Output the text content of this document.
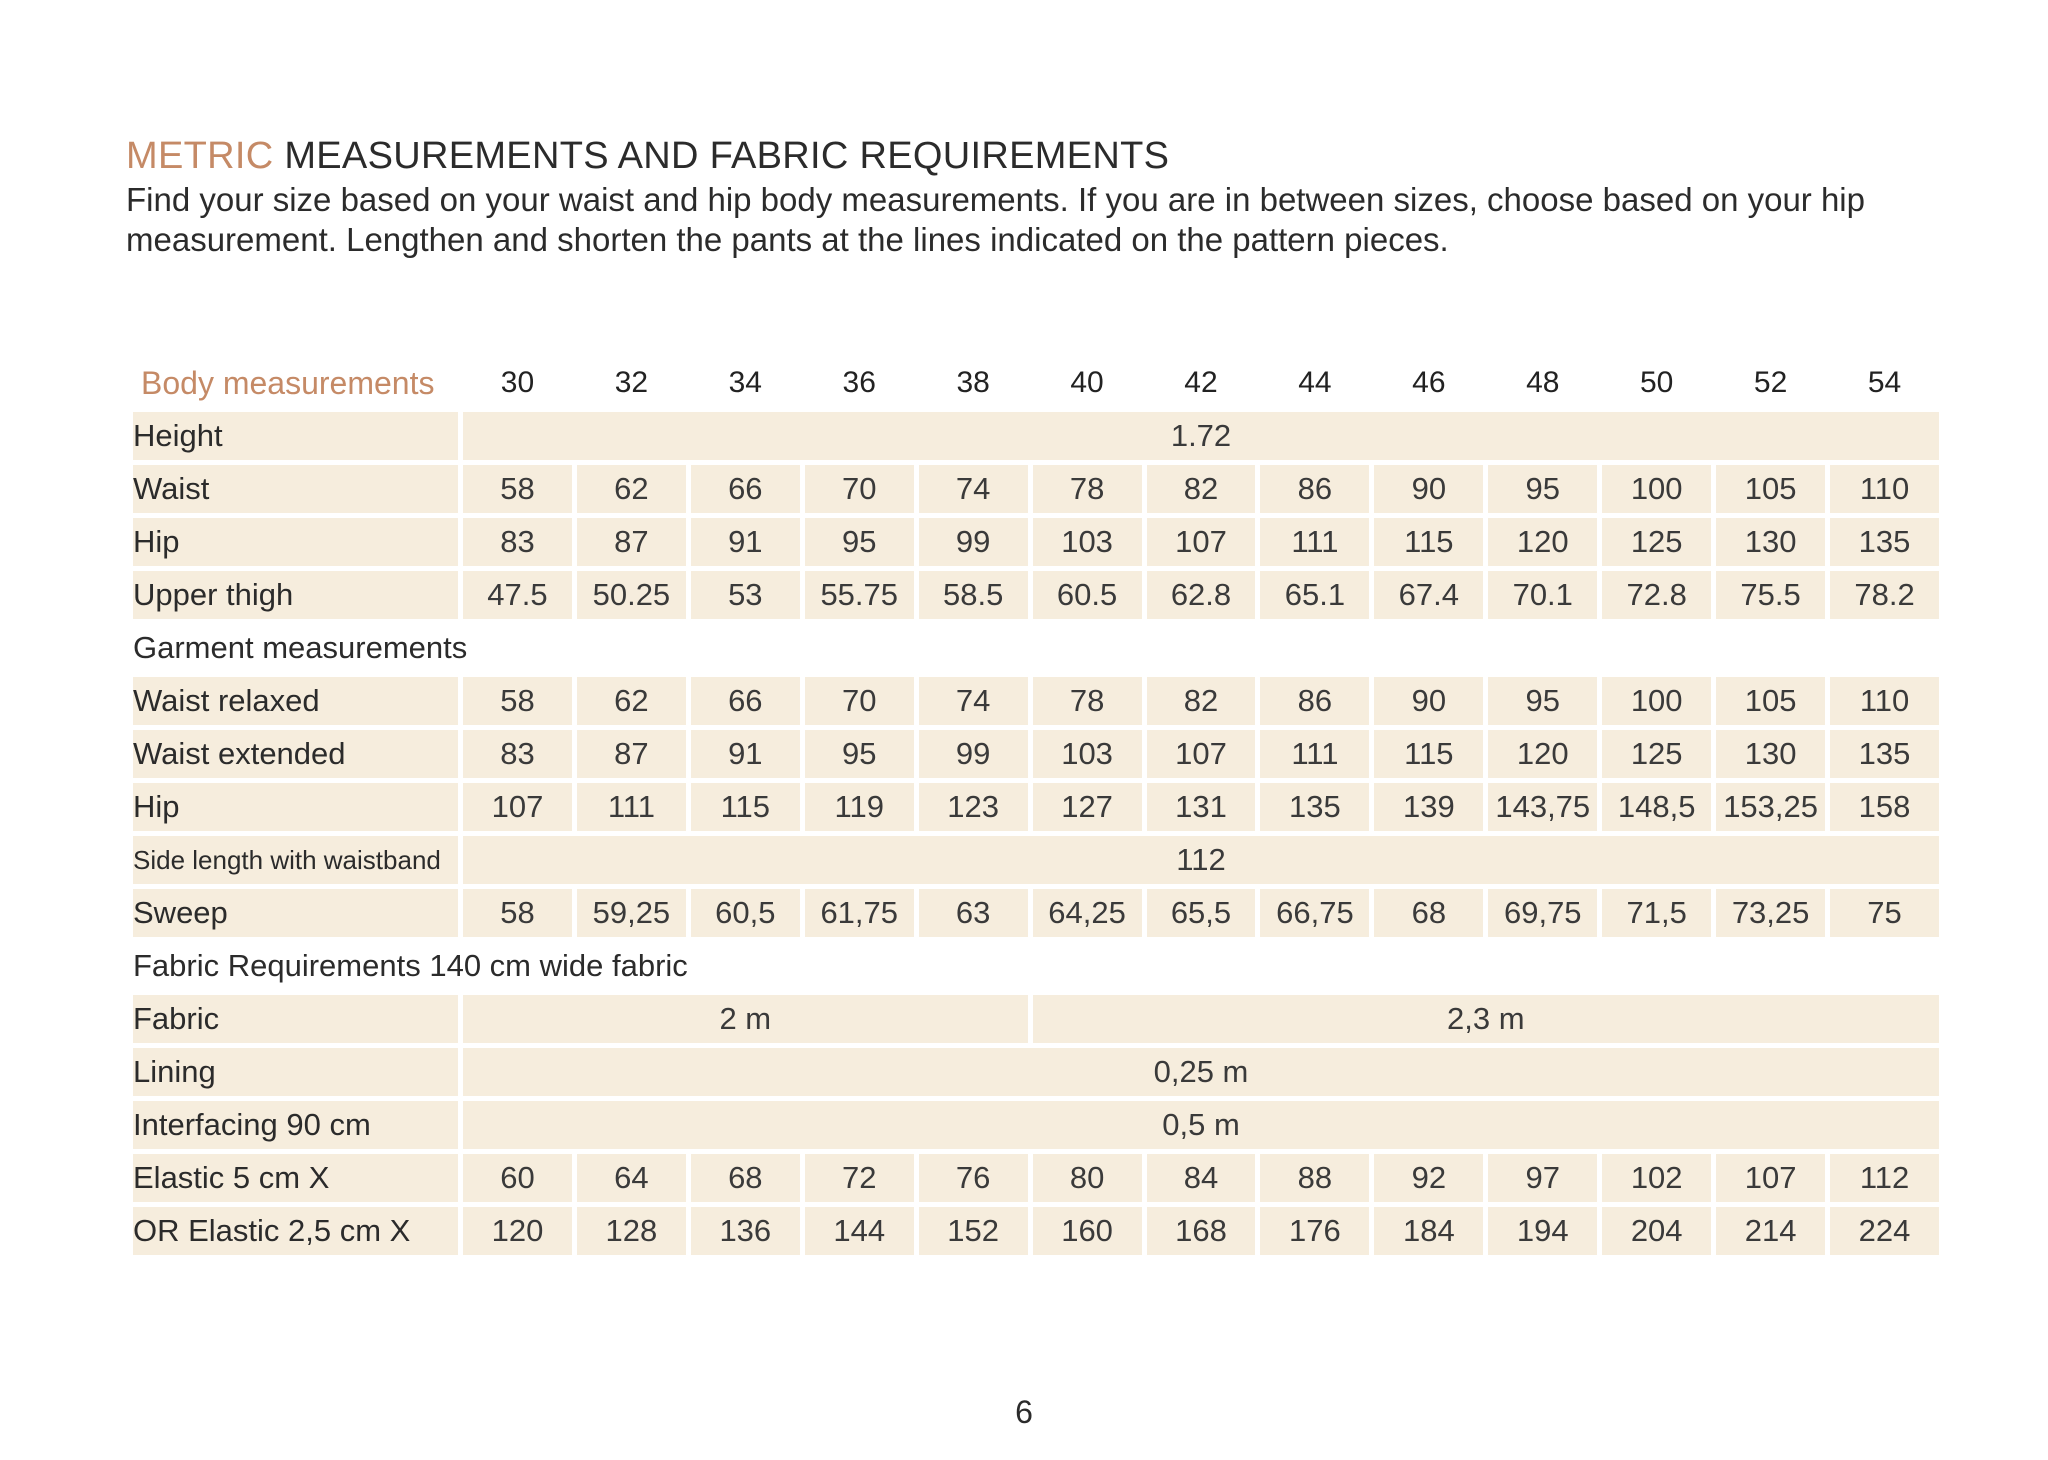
METRIC MEASUREMENTS AND FABRIC REQUIREMENTS

Find your size based on your waist and hip body measurements. If you are in between sizes, choose based on your hip

measurement. Lengthen and shorten the pants at the lines indicated on the pattern pieces.

Body measurements	30	32	34	36	38	40	42	44	46	48	50	52	54
Height	1.72												
Waist	58	62	66	70	74	78	82	86	90	95	100	105	110
Hip	83	87	91	95	99	103	107	111	115	120	125	130	135
Upper thigh	47.5	50.25	53	55.75	58.5	60.5	62.8	65.1	67.4	70.1	72.8	75.5	78.2
Garment measurements													
Waist relaxed	58	62	66	70	74	78	82	86	90	95	100	105	110
Waist extended	83	87	91	95	99	103	107	111	115	120	125	130	135
Hip	107	111	115	119	123	127	131	135	139	143,75	148,5	153,25	158
Side length with waistband	112												
Sweep	58	59,25	60,5	61,75	63	64,25	65,5	66,75	68	69,75	71,5	73,25	75
Fabric Requirements 140 cm wide fabric													
Fabric	2 m					2,3 m							
Lining	0,25 m												
Interfacing 90 cm	0,5 m												
Elastic 5 cm X	60	64	68	72	76	80	84	88	92	97	102	107	112
OR Elastic 2,5 cm X	120	128	136	144	152	160	168	176	184	194	204	214	224
6
